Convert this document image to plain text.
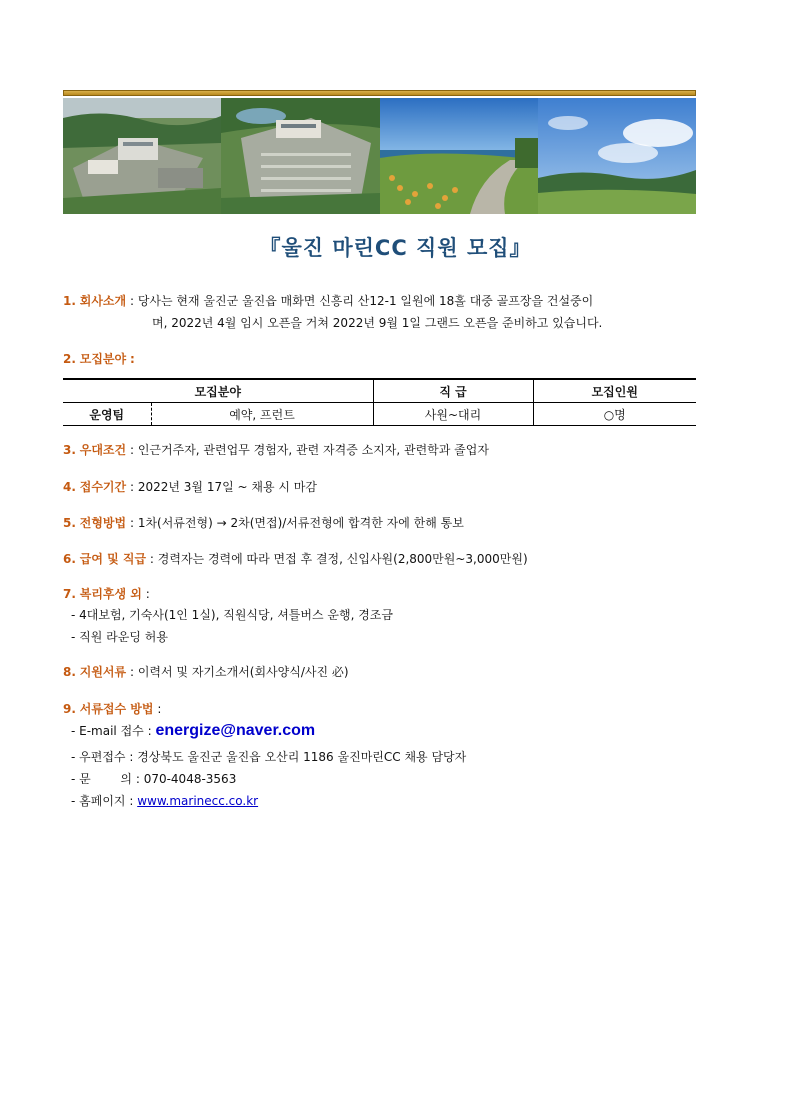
『울진 마린CC 직원 모집』
1. 회사소개 : 당사는 현재 울진군 울진읍 매화면 신흥리 산12-1 일원에 18홀 대중 골프장을 건설중이
며, 2022년 4월 임시 오픈을 거쳐 2022년 9월 1일 그랜드 오픈을 준비하고 있습니다.
2. 모집분야 :
모집분야		직 급	모집인원
운영팀	예약, 프런트	사원~대리	○명
3. 우대조건 : 인근거주자, 관련업무 경험자, 관련 자격증 소지자, 관련학과 졸업자
4. 접수기간 : 2022년 3월 17일 ~ 채용 시 마감
5. 전형방법 : 1차(서류전형) → 2차(면접)/서류전형에 합격한 자에 한해 통보
6. 급여 및 직급 : 경력자는 경력에 따라 면접 후 결정, 신입사원(2,800만원~3,000만원)
7. 복리후생 외 :
- 4대보험, 기숙사(1인 1실), 직원식당, 셔틀버스 운행, 경조금
- 직원 라운딩 허용
8. 지원서류 : 이력서 및 자기소개서(회사양식/사진 必)
9. 서류접수 방법 :
- E-mail 접수 : energize@naver.com
- 우편접수 : 경상북도 울진군 울진읍 오산리 1186 울진마린CC 채용 담당자
- 문 의 : 070-4048-3563
- 홈페이지 : www.marinecc.co.kr
